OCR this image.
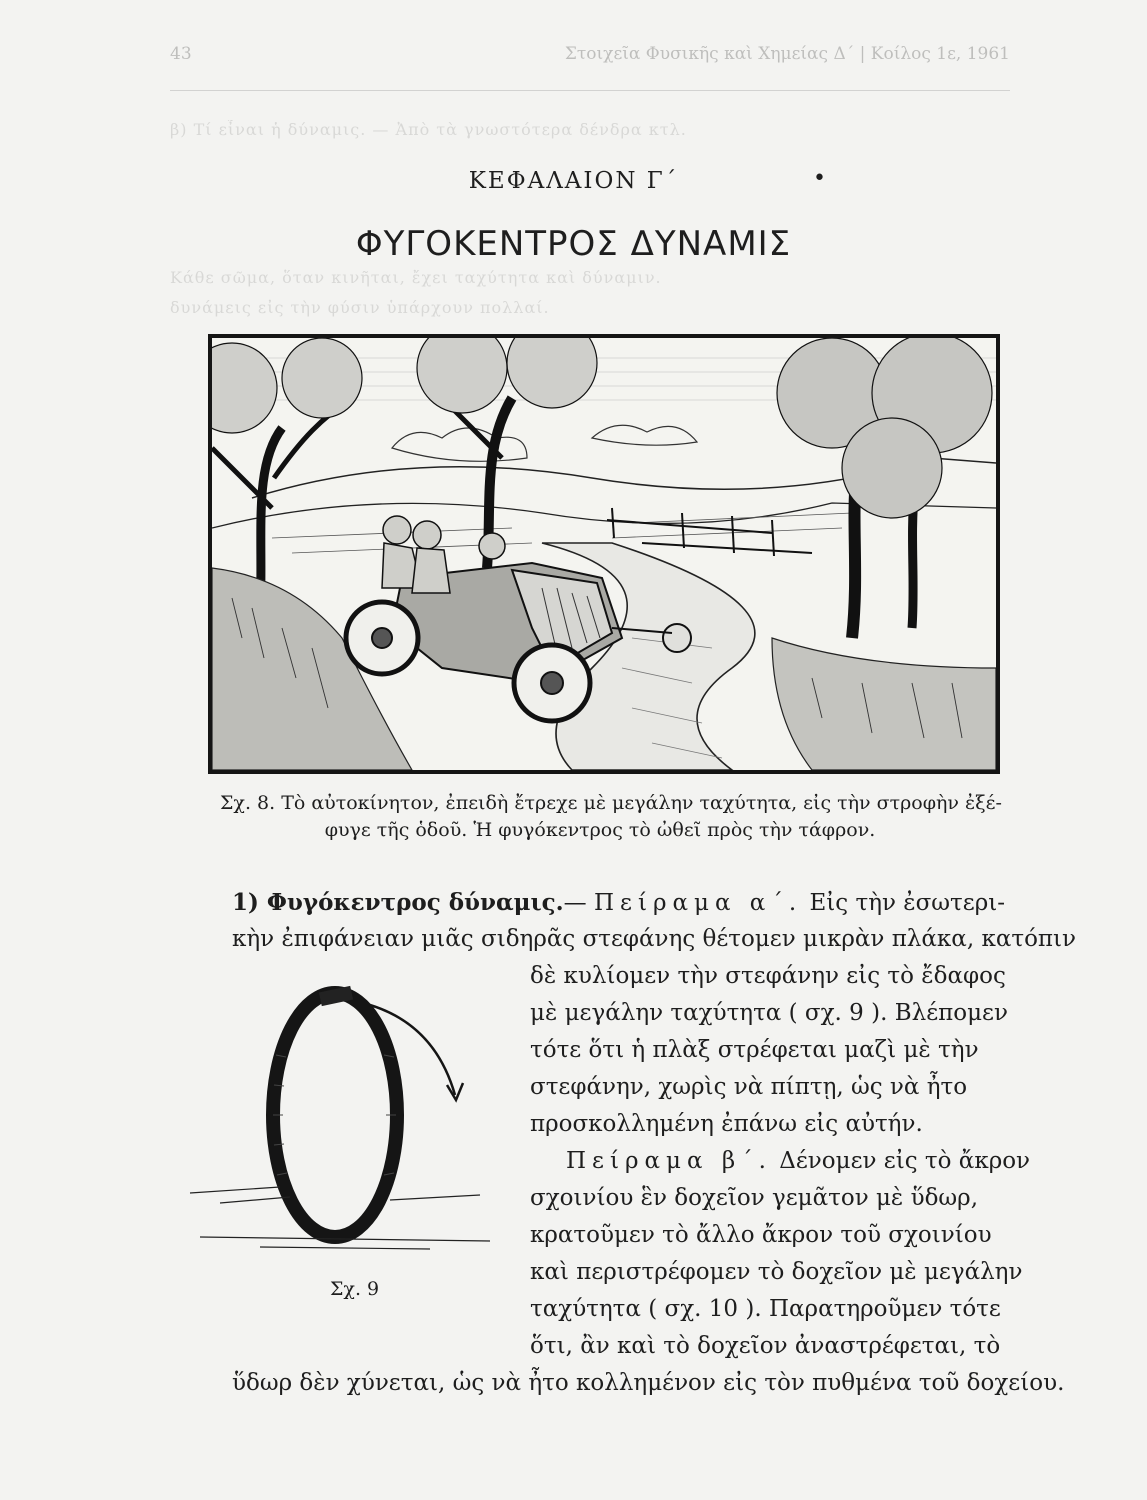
43	Στοιχεῖα Φυσικῆς καὶ Χημείας Δ΄ | Κοίλος 1ε, 1961
β) Τί εἶναι ἡ δύναμις. — Ἀπὸ τὰ γνωστότερα δένδρα κτλ.
Κάθε σῶμα, ὅταν κινῆται, ἔχει ταχύτητα καὶ δύναμιν.
δυνάμεις εἰς τὴν φύσιν ὑπάρχουν πολλαί.
ΚΕΦΑΛΑΙΟΝ Γ΄	•
ΦΥΓΟΚΕΝΤΡΟΣ ΔΥΝΑΜΙΣ
Σχ. 8. Τὸ αὐτοκίνητον, ἐπειδὴ ἔτρεχε μὲ μεγάλην ταχύτητα, εἰς τὴν στροφὴν ἐξέ-
φυγε τῆς ὁδοῦ. Ἡ φυγόκεντρος τὸ ὠθεῖ πρὸς τὴν τάφρον.
1) Φυγόκεντρος δύναμις.— Πείραμα α΄. Εἰς τὴν ἐσωτερι-
κὴν ἐπιφάνειαν μιᾶς σιδηρᾶς στεφάνης θέτομεν μικρὰν πλάκα, κατόπιν
δὲ κυλίομεν τὴν στεφάνην εἰς τὸ ἔδαφος
μὲ μεγάλην ταχύτητα ( σχ. 9 ). Βλέπομεν
τότε ὅτι ἡ πλὰξ στρέφεται μαζὶ μὲ τὴν
στεφάνην, χωρὶς νὰ πίπτῃ, ὡς νὰ ἦτο
προσκολλημένη ἐπάνω εἰς αὐτήν.
Πείραμα β΄. Δένομεν εἰς τὸ ἄκρον
σχοινίου ἓν δοχεῖον γεμᾶτον μὲ ὕδωρ,
κρατοῦμεν τὸ ἄλλο ἄκρον τοῦ σχοινίου
καὶ περιστρέφομεν τὸ δοχεῖον μὲ μεγάλην
ταχύτητα ( σχ. 10 ). Παρατηροῦμεν τότε
ὅτι, ἂν καὶ τὸ δοχεῖον ἀναστρέφεται, τὸ
ὕδωρ δὲν χύνεται, ὡς νὰ ἦτο κολλημένον εἰς τὸν πυθμένα τοῦ δοχείου.
Σχ. 9
